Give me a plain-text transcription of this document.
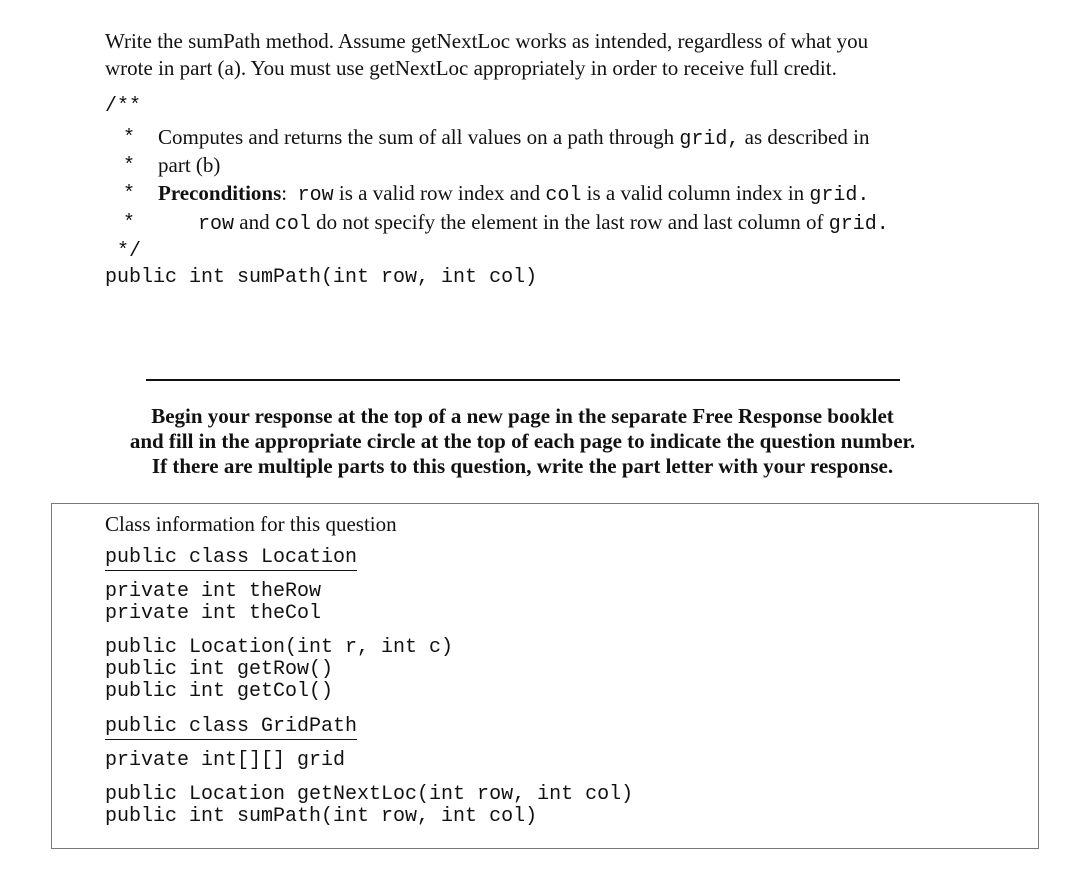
Write the sumPath method. Assume getNextLoc works as intended, regardless of what you
wrote in part (a). You must use getNextLoc appropriately in order to receive full credit.
/**
* Computes and returns the sum of all values on a path through grid, as described in
* part (b)
* Preconditions: row is a valid row index and col is a valid column index in grid.
*	row and col do not specify the element in the last row and last column of grid.
*/
public int sumPath(int row, int col)
Begin your response at the top of a new page in the separate Free Response booklet
and fill in the appropriate circle at the top of each page to indicate the question number.
If there are multiple parts to this question, write the part letter with your response.
Class information for this question
public class Location
private int theRow
private int theCol
public Location(int r, int c)
public int getRow()
public int getCol()
public class GridPath
private int[][] grid
public Location getNextLoc(int row, int col)
public int sumPath(int row, int col)
